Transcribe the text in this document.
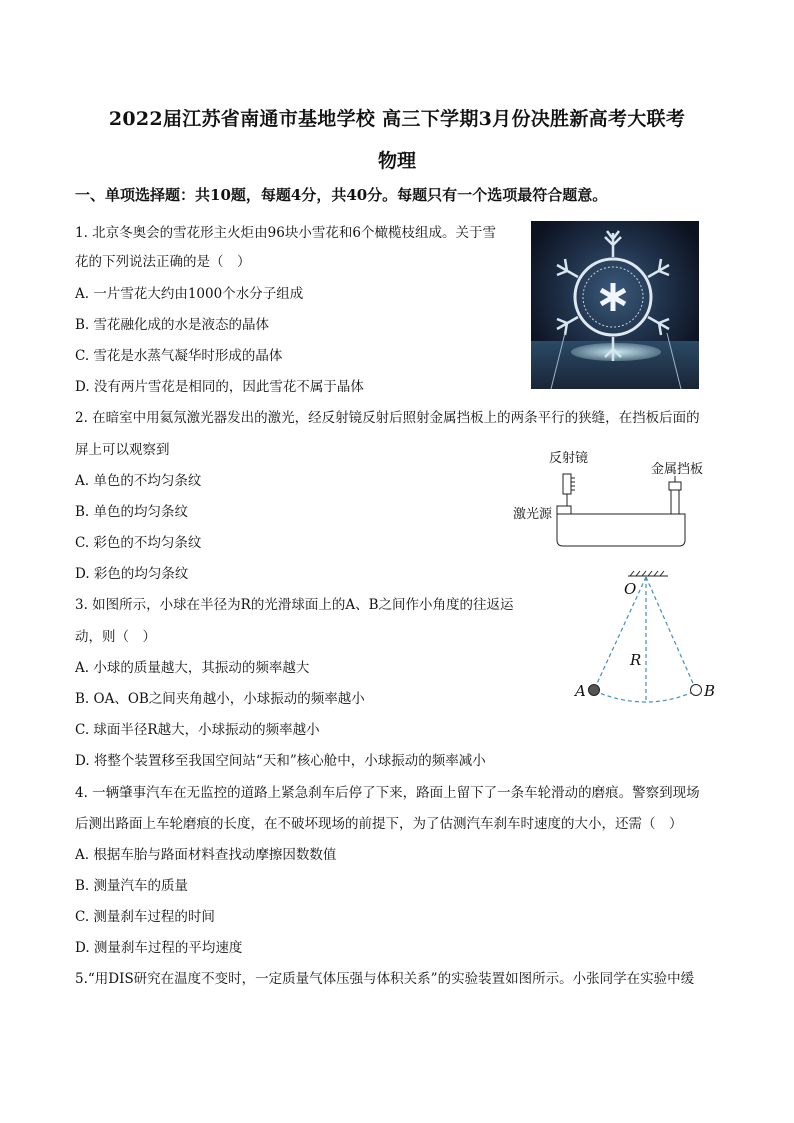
2022届江苏省南通市基地学校 高三下学期3月份决胜新高考大联考
物理
一、单项选择题：共10题，每题4分，共40分。每题只有一个选项最符合题意。
1. 北京冬奥会的雪花形主火炬由96块小雪花和6个橄榄枝组成。关于雪
花的下列说法正确的是（　）
A. 一片雪花大约由1000个水分子组成
B. 雪花融化成的水是液态的晶体
C. 雪花是水蒸气凝华时形成的晶体
D. 没有两片雪花是相同的，因此雪花不属于晶体
2. 在暗室中用氦氖激光器发出的激光，经反射镜反射后照射金属挡板上的两条平行的狭缝，在挡板后面的
屏上可以观察到
A. 单色的不均匀条纹
B. 单色的均匀条纹
C. 彩色的不均匀条纹
D. 彩色的均匀条纹
反射镜
金属挡板
激光源
3. 如图所示，小球在半径为R的光滑球面上的A、B之间作小角度的往返运
动，则（　）
A. 小球的质量越大，其振动的频率越大
B. OA、OB之间夹角越小，小球振动的频率越小
C. 球面半径R越大，小球振动的频率越小
D. 将整个装置移至我国空间站“天和”核心舱中，小球振动的频率减小
O
R
A	B
4. 一辆肇事汽车在无监控的道路上紧急刹车后停了下来，路面上留下了一条车轮滑动的磨痕。警察到现场
后测出路面上车轮磨痕的长度，在不破坏现场的前提下，为了估测汽车刹车时速度的大小，还需（　）
A. 根据车胎与路面材料查找动摩擦因数数值
B. 测量汽车的质量
C. 测量刹车过程的时间
D. 测量刹车过程的平均速度
5.“用DIS研究在温度不变时，一定质量气体压强与体积关系”的实验装置如图所示。小张同学在实验中缓
